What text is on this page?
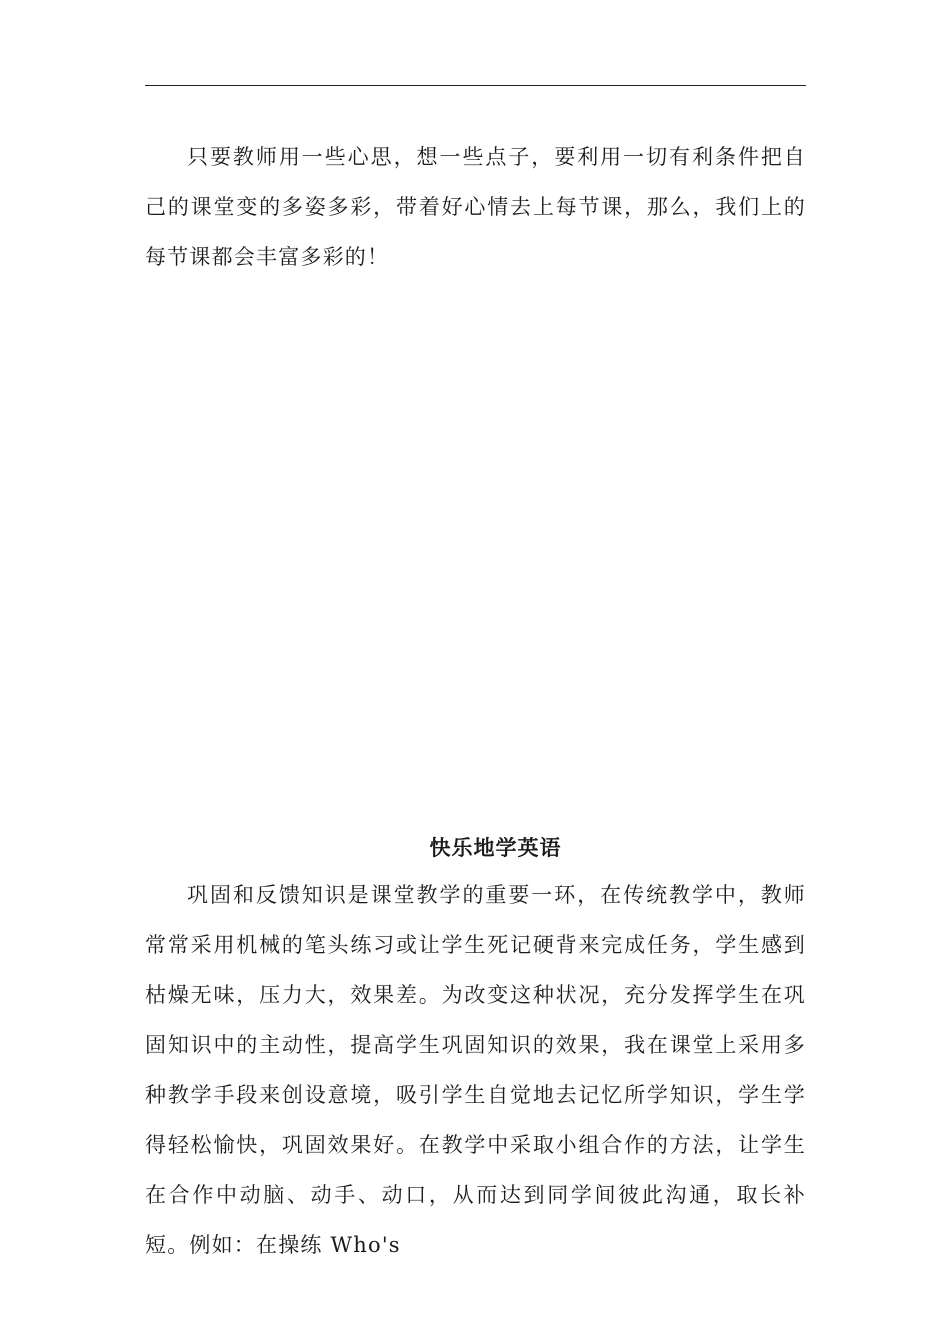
只要教师用一些心思，想一些点子，要利用一切有利条件把自己的课堂变的多姿多彩，带着好心情去上每节课，那么，我们上的每节课都会丰富多彩的！

快乐地学英语

巩固和反馈知识是课堂教学的重要一环，在传统教学中，教师常常采用机械的笔头练习或让学生死记硬背来完成任务，学生感到枯燥无味，压力大，效果差。为改变这种状况，充分发挥学生在巩固知识中的主动性，提高学生巩固知识的效果，我在课堂上采用多种教学手段来创设意境，吸引学生自觉地去记忆所学知识，学生学得轻松愉快，巩固效果好。在教学中采取小组合作的方法，让学生在合作中动脑、动手、动口，从而达到同学间彼此沟通，取长补短。例如：在操练 Who's
